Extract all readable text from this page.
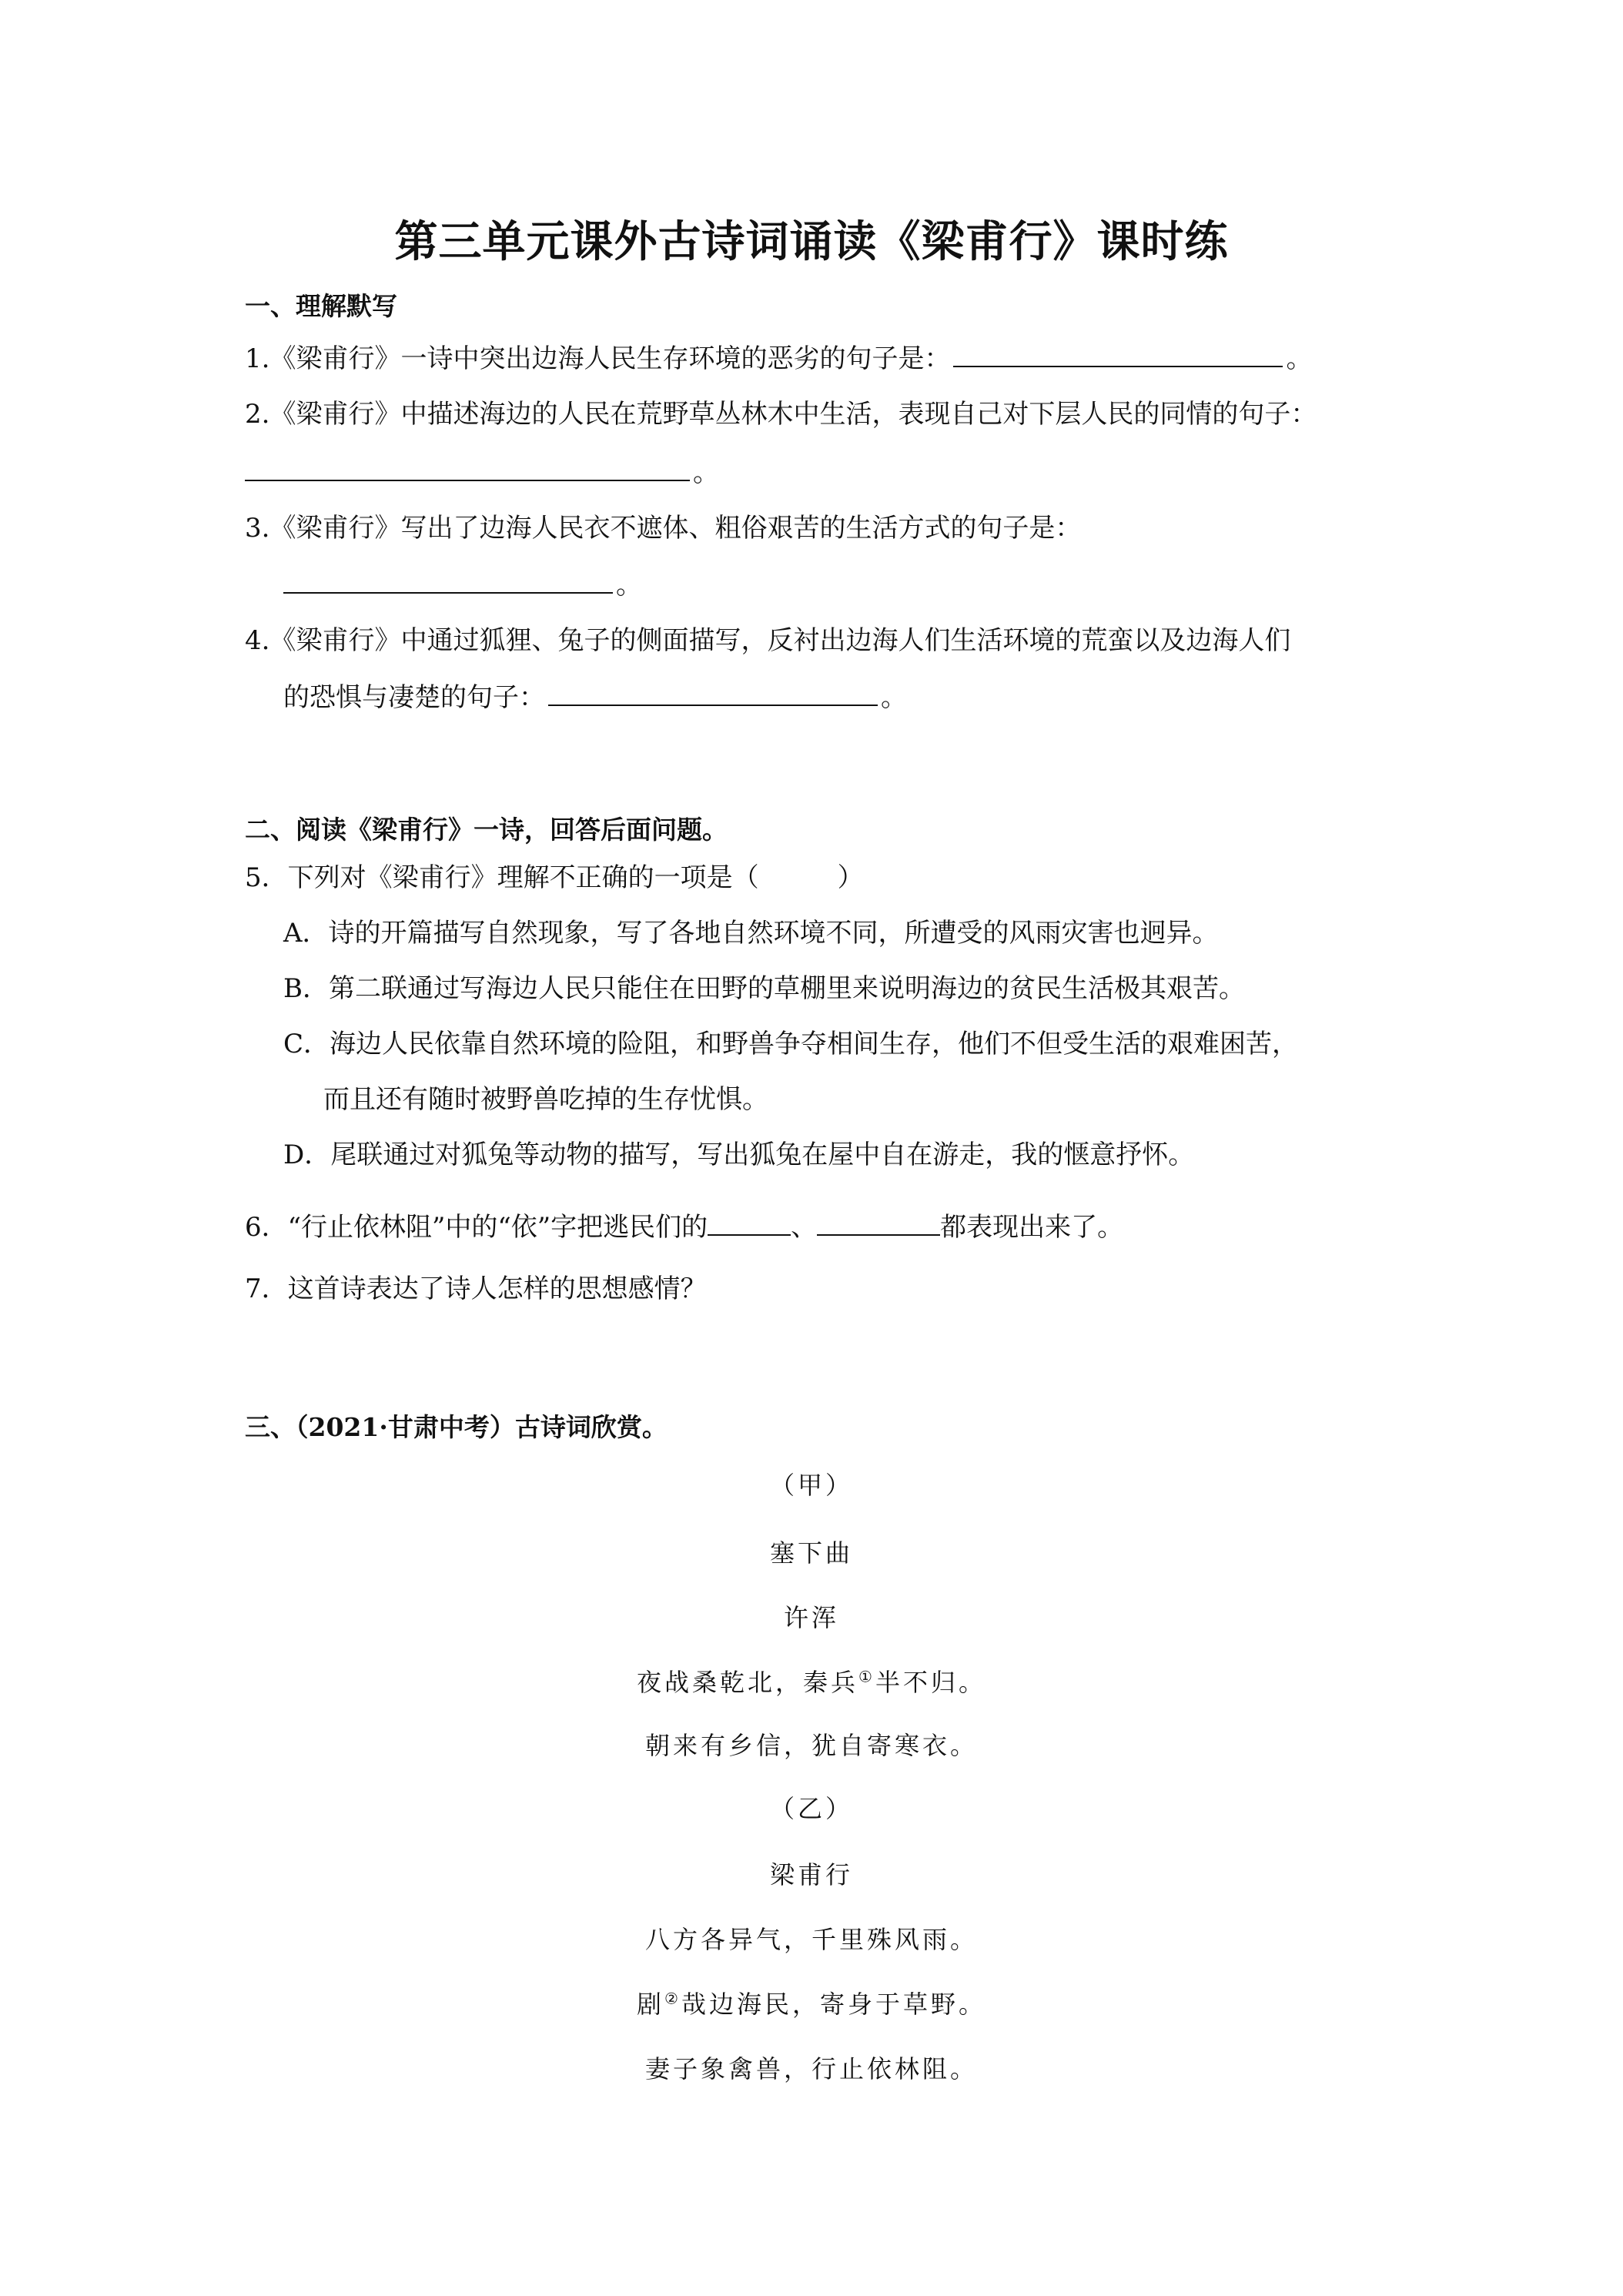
第三单元课外古诗词诵读《梁甫行》课时练
一、理解默写
1.《梁甫行》一诗中突出边海人民生存环境的恶劣的句子是：	。
2.《梁甫行》中描述海边的人民在荒野草丛林木中生活，表现自己对下层人民的同情的句子：
。
3.《梁甫行》写出了边海人民衣不遮体、粗俗艰苦的生活方式的句子是：
。
4.《梁甫行》中通过狐狸、兔子的侧面描写，反衬出边海人们生活环境的荒蛮以及边海人们
的恐惧与凄楚的句子：	。
二、阅读《梁甫行》一诗，回答后面问题。
5．下列对《梁甫行》理解不正确的一项是（　　　）
A．诗的开篇描写自然现象，写了各地自然环境不同，所遭受的风雨灾害也迥异。
B．第二联通过写海边人民只能住在田野的草棚里来说明海边的贫民生活极其艰苦。
C．海边人民依靠自然环境的险阻，和野兽争夺相间生存，他们不但受生活的艰难困苦，
而且还有随时被野兽吃掉的生存忧惧。
D．尾联通过对狐兔等动物的描写，写出狐兔在屋中自在游走，我的惬意抒怀。
6．“行止依林阻”中的“依”字把逃民们的	、	都表现出来了。
7．这首诗表达了诗人怎样的思想感情？
三、（2021·甘肃中考）古诗词欣赏。
（甲）
塞下曲
许浑
夜战桑乾北，秦兵①半不归。
朝来有乡信，犹自寄寒衣。
（乙）
梁甫行
八方各异气，千里殊风雨。
剧②哉边海民，寄身于草野。
妻子象禽兽，行止依林阻。
